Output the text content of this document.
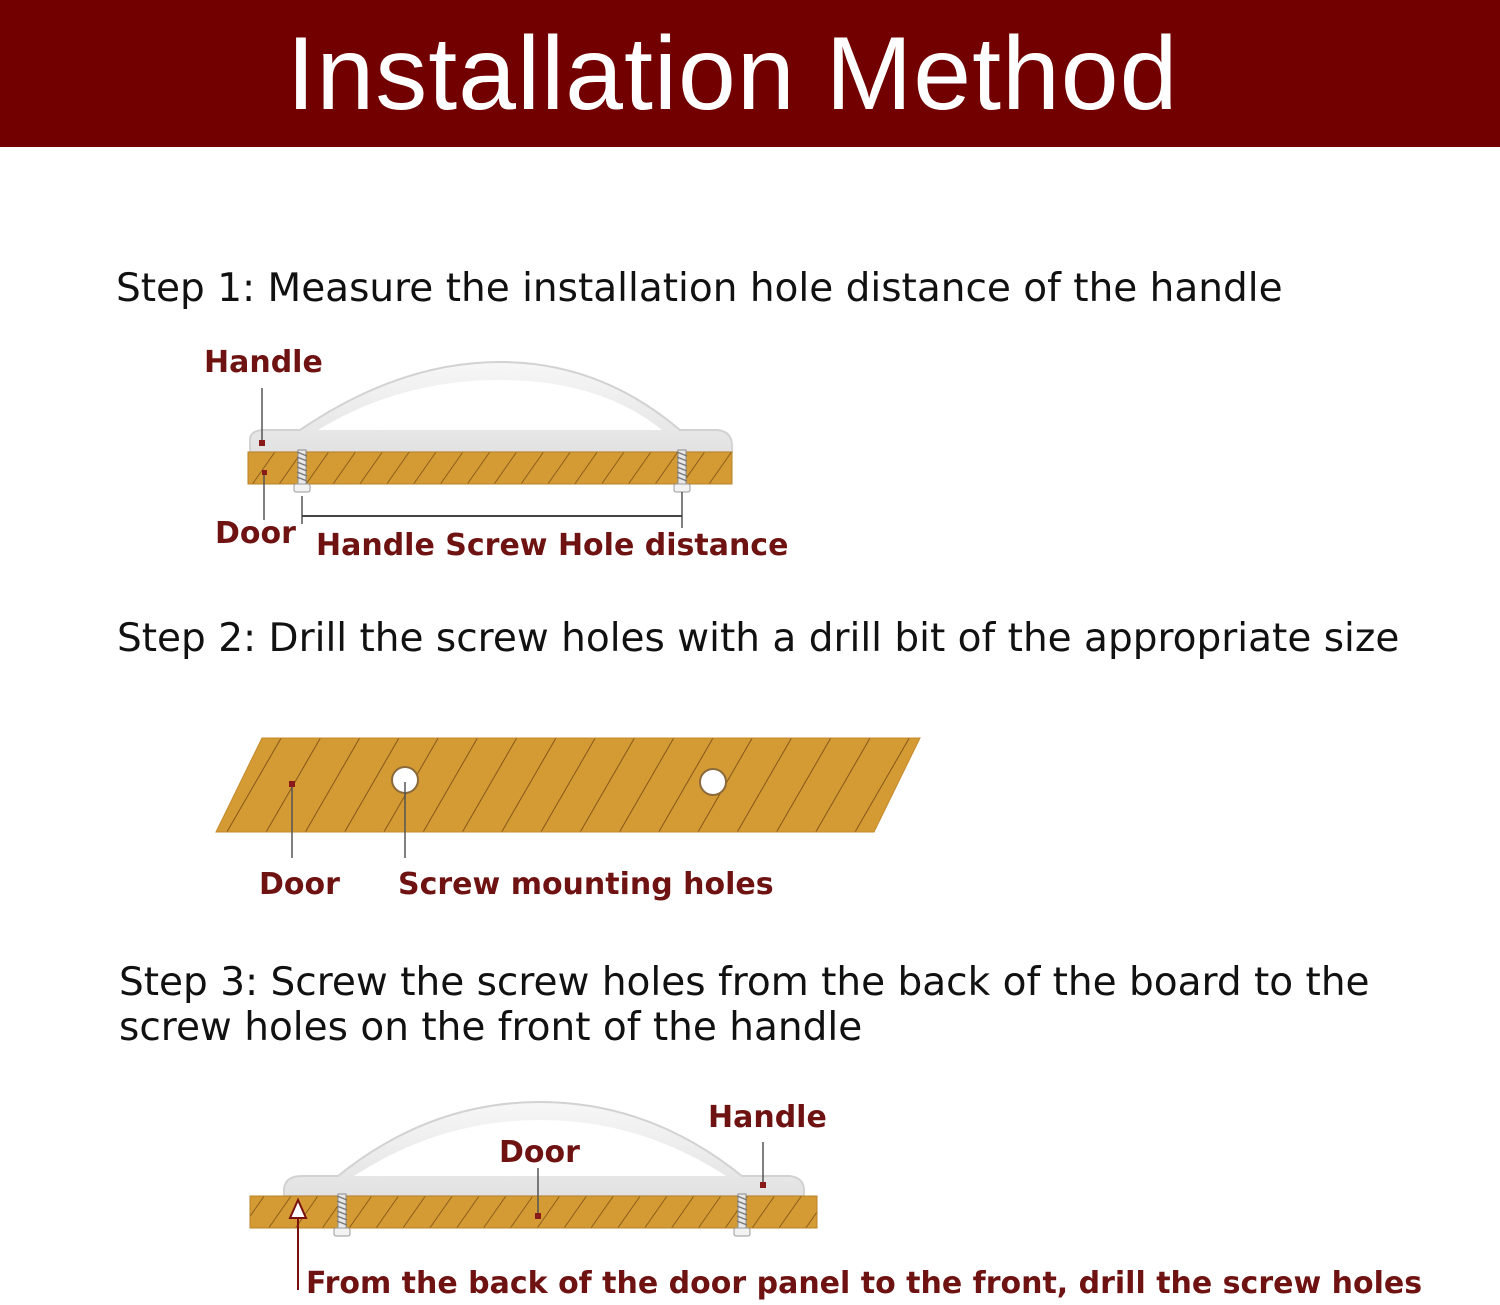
Installation Method

Step 1: Measure the installation hole distance of the handle

Step 2: Drill the screw holes with a drill bit of the appropriate size

Step 3: Screw the screw holes from the back of the board to the

screw holes on the front of the handle

Handle
Door Handle Screw Hole distance
Door Screw mounting holes
Handle
Door
From the back of the door panel to the front, drill the screw holes
